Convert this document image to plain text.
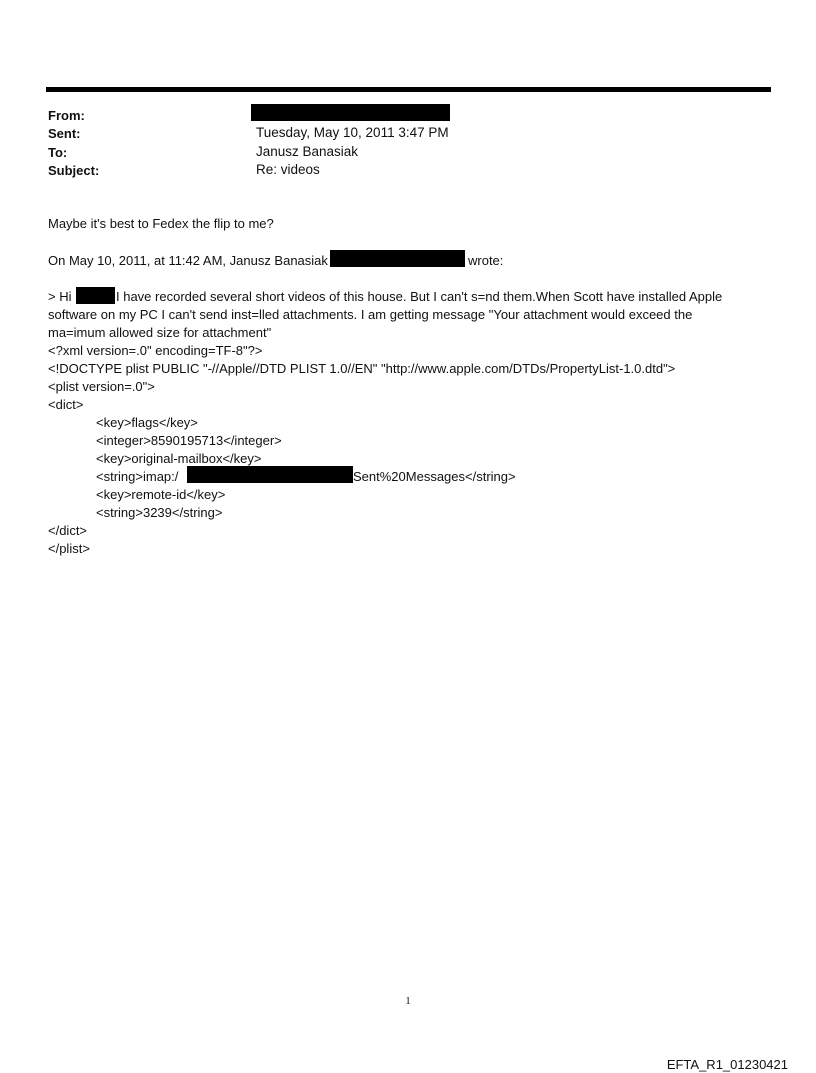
From:
Sent:	Tuesday, May 10, 2011 3:47 PM
To:	Janusz Banasiak
Subject:	Re: videos
Maybe it's best to Fedex the flip to me?
On May 10, 2011, at 11:42 AM, Janusz Banasiak	wrote:
> Hi	I have recorded several short videos of this house. But I can't s=nd them.When Scott have installed Apple
software on my PC I can't send inst=lled attachments. I am getting message "Your attachment would exceed the
ma=imum allowed size for attachment"
<?xml version=.0" encoding=TF-8"?>
<!DOCTYPE plist PUBLIC "-//Apple//DTD PLIST 1.0//EN" "http://www.apple.com/DTDs/PropertyList-1.0.dtd">
<plist version=.0">
<dict>
<key>flags</key>
<integer>8590195713</integer>
<key>original-mailbox</key>
<string>imap:/	Sent%20Messages</string>
<key>remote-id</key>
<string>3239</string>
</dict>
</plist>
1
EFTA_R1_01230421
